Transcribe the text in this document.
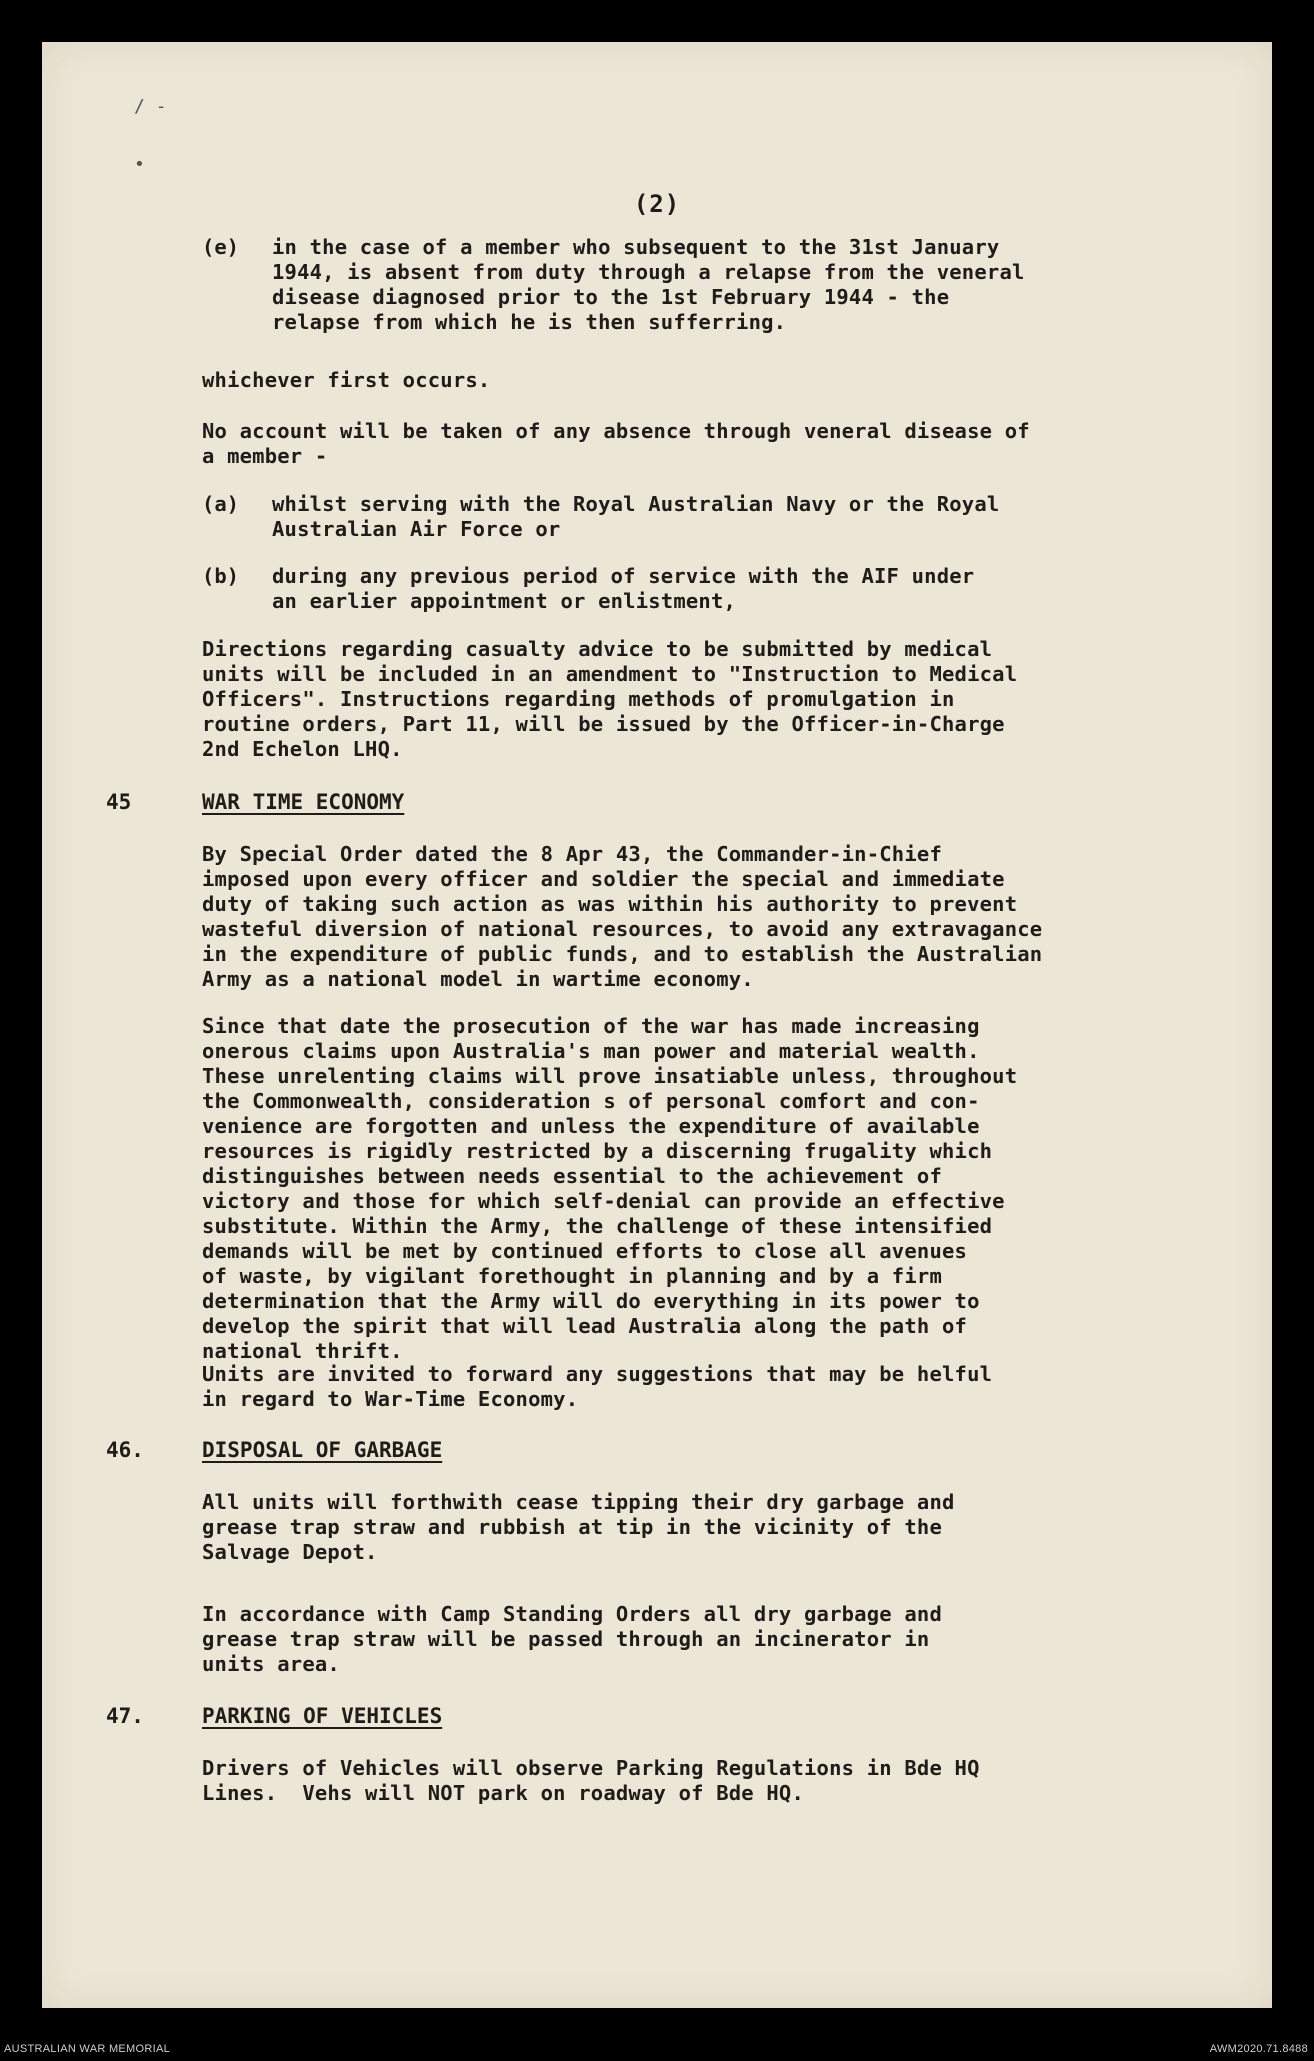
/ -
•
(2)
(e) in the case of a member who subsequent to the 31st January
1944, is absent from duty through a relapse from the veneral
disease diagnosed prior to the 1st February 1944 - the
relapse from which he is then sufferring.
whichever first occurs.
No account will be taken of any absence through veneral disease of
a member -
(a) whilst serving with the Royal Australian Navy or the Royal
Australian Air Force or
(b) during any previous period of service with the AIF under
an earlier appointment or enlistment,
Directions regarding casualty advice to be submitted by medical
units will be included in an amendment to "Instruction to Medical
Officers". Instructions regarding methods of promulgation in
routine orders, Part 11, will be issued by the Officer-in-Charge
2nd Echelon LHQ.
45	WAR TIME ECONOMY
By Special Order dated the 8 Apr 43, the Commander-in-Chief
imposed upon every officer and soldier the special and immediate
duty of taking such action as was within his authority to prevent
wasteful diversion of national resources, to avoid any extravagance
in the expenditure of public funds, and to establish the Australian
Army as a national model in wartime economy.
Since that date the prosecution of the war has made increasing
onerous claims upon Australia's man power and material wealth.
These unrelenting claims will prove insatiable unless, throughout
the Commonwealth, consideration s of personal comfort and con-
venience are forgotten and unless the expenditure of available
resources is rigidly restricted by a discerning frugality which
distinguishes between needs essential to the achievement of
victory and those for which self-denial can provide an effective
substitute. Within the Army, the challenge of these intensified
demands will be met by continued efforts to close all avenues
of waste, by vigilant forethought in planning and by a firm
determination that the Army will do everything in its power to
develop the spirit that will lead Australia along the path of
national thrift.
Units are invited to forward any suggestions that may be helful
in regard to War-Time Economy.
46.	DISPOSAL OF GARBAGE
All units will forthwith cease tipping their dry garbage and
grease trap straw and rubbish at tip in the vicinity of the
Salvage Depot.
In accordance with Camp Standing Orders all dry garbage and
grease trap straw will be passed through an incinerator in
units area.
47.	PARKING OF VEHICLES
Drivers of Vehicles will observe Parking Regulations in Bde HQ
Lines.  Vehs will NOT park on roadway of Bde HQ.
AUSTRALIAN WAR MEMORIAL	AWM2020.71.8488
